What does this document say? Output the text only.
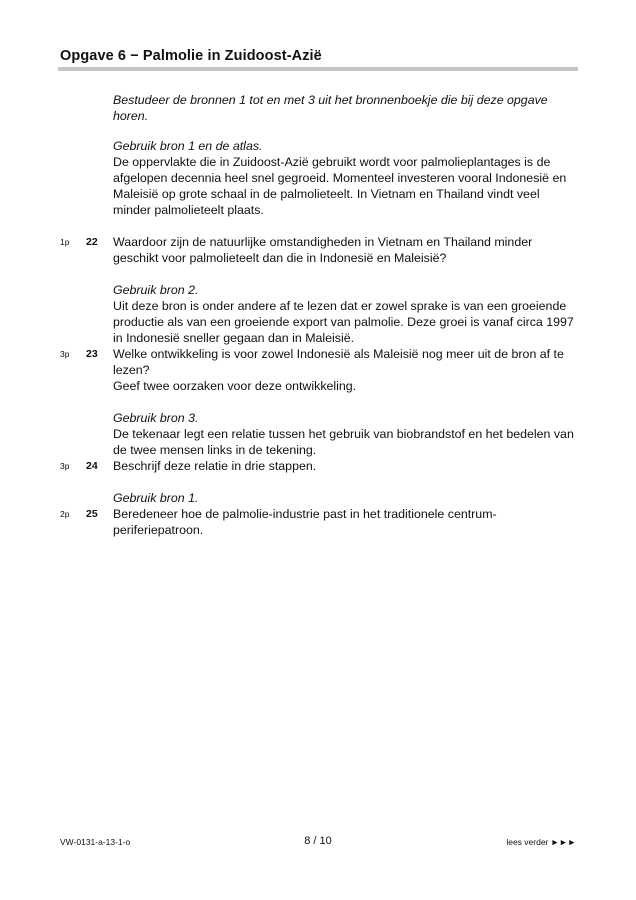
Opgave 6 − Palmolie in Zuidoost-Azië
Bestudeer de bronnen 1 tot en met 3 uit het bronnenboekje die bij deze opgave horen.
Gebruik bron 1 en de atlas.
De oppervlakte die in Zuidoost-Azië gebruikt wordt voor palmolieplantages is de afgelopen decennia heel snel gegroeid. Momenteel investeren vooral Indonesië en Maleisië op grote schaal in de palmolieteelt. In Vietnam en Thailand vindt veel minder palmolieteelt plaats.
1p 22 Waardoor zijn de natuurlijke omstandigheden in Vietnam en Thailand minder geschikt voor palmolieteelt dan die in Indonesië en Maleisië?
Gebruik bron 2.
Uit deze bron is onder andere af te lezen dat er zowel sprake is van een groeiende productie als van een groeiende export van palmolie. Deze groei is vanaf circa 1997 in Indonesië sneller gegaan dan in Maleisië.
3p 23 Welke ontwikkeling is voor zowel Indonesië als Maleisië nog meer uit de bron af te lezen?
Geef twee oorzaken voor deze ontwikkeling.
Gebruik bron 3.
De tekenaar legt een relatie tussen het gebruik van biobrandstof en het bedelen van de twee mensen links in de tekening.
3p 24 Beschrijf deze relatie in drie stappen.
Gebruik bron 1.
2p 25 Beredeneer hoe de palmolie-industrie past in het traditionele centrum-periferiepatroon.
VW-0131-a-13-1-o	8 / 10	lees verder ►►►
